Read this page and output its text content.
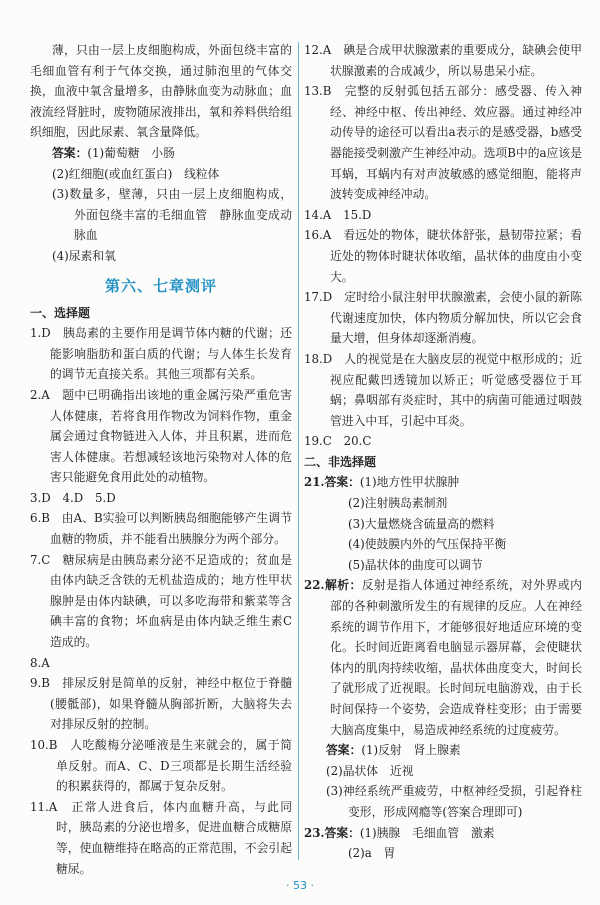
薄，只由一层上皮细胞构成，外面包绕丰富的毛细血管有利于气体交换，通过肺泡里的气体交换，血液中氧含量增多，由静脉血变为动脉血；血液流经肾脏时，废物随尿液排出，氧和养料供给组织细胞，因此尿素、氧含量降低。
答案：(1)葡萄糖　小肠
(2)红细胞(或血红蛋白)　线粒体
(3)数量多，壁薄，只由一层上皮细胞构成，外面包绕丰富的毛细血管　静脉血变成动脉血
(4)尿素和氧
第六、七章测评
一、选择题
1.D　胰岛素的主要作用是调节体内糖的代谢；还能影响脂肪和蛋白质的代谢；与人体生长发育的调节无直接关系。其他三项都有关系。
2.A　题中已明确指出该地的重金属污染严重危害人体健康，若将食用作物改为饲料作物，重金属会通过食物链进入人体，并且积累，进而危害人体健康。若想减轻该地污染物对人体的危害只能避免食用此处的动植物。
3.D　4.D　5.D
6.B　由A、B实验可以判断胰岛细胞能够产生调节血糖的物质，并不能看出胰腺分为两个部分。
7.C　糖尿病是由胰岛素分泌不足造成的；贫血是由体内缺乏含铁的无机盐造成的；地方性甲状腺肿是由体内缺碘，可以多吃海带和紫菜等含碘丰富的食物；坏血病是由体内缺乏维生素C造成的。
8.A
9.B　排尿反射是简单的反射，神经中枢位于脊髓(腰骶部)，如果脊髓从胸部折断，大脑将失去对排尿反射的控制。
10.B　人吃酸梅分泌唾液是生来就会的，属于简单反射。而A、C、D三项都是长期生活经验的积累获得的，都属于复杂反射。
11.A　正常人进食后，体内血糖升高，与此同时，胰岛素的分泌也增多，促进血糖合成糖原等，使血糖维持在略高的正常范围，不会引起糖尿。
12.A　碘是合成甲状腺激素的重要成分，缺碘会使甲状腺激素的合成减少，所以易患呆小症。
13.B　完整的反射弧包括五部分：感受器、传入神经、神经中枢、传出神经、效应器。通过神经冲动传导的途径可以看出a表示的是感受器，b感受器能接受刺激产生神经冲动。选项B中的a应该是耳蜗，耳蜗内有对声波敏感的感觉细胞，能将声波转变成神经冲动。
14.A　15.D
16.A　看远处的物体，睫状体舒张，悬韧带拉紧；看近处的物体时睫状体收缩，晶状体的曲度由小变大。
17.D　定时给小鼠注射甲状腺激素，会使小鼠的新陈代谢速度加快，体内物质分解加快，所以它会食量大增，但身体却逐渐消瘦。
18.D　人的视觉是在大脑皮层的视觉中枢形成的；近视应配戴凹透镜加以矫正；听觉感受器位于耳蜗；鼻咽部有炎症时，其中的病菌可能通过咽鼓管进入中耳，引起中耳炎。
19.C　20.C
二、非选择题
21.答案：(1)地方性甲状腺肿
(2)注射胰岛素制剂
(3)大量燃烧含硫量高的燃料
(4)使鼓膜内外的气压保持平衡
(5)晶状体的曲度可以调节
22.解析：反射是指人体通过神经系统，对外界或内部的各种刺激所发生的有规律的反应。人在神经系统的调节作用下，才能够很好地适应环境的变化。长时间近距离看电脑显示器屏幕，会使睫状体内的肌肉持续收缩，晶状体曲度变大，时间长了就形成了近视眼。长时间玩电脑游戏，由于长时间保持一个姿势，会造成脊柱变形；由于需要大脑高度集中，易造成神经系统的过度疲劳。
答案：(1)反射　肾上腺素
(2)晶状体　近视
(3)神经系统严重疲劳，中枢神经受损，引起脊柱变形，形成网瘾等(答案合理即可)
23.答案：(1)胰腺　毛细血管　激素
(2)a　胃
· 53 ·
